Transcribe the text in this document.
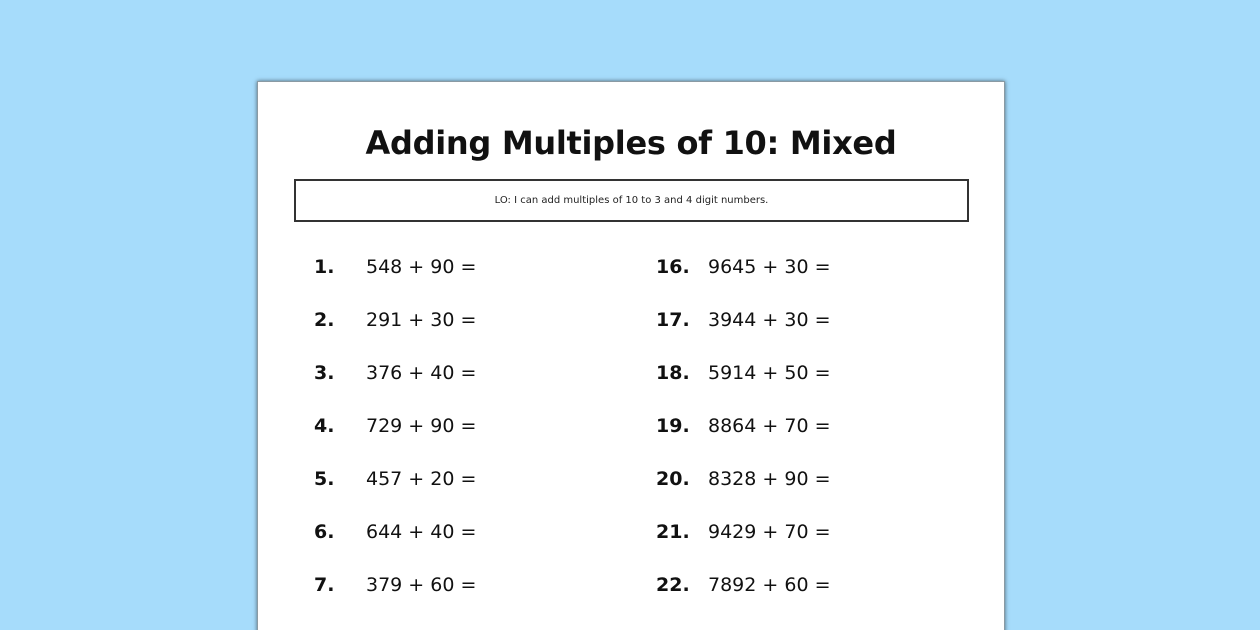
Adding Multiples of 10: Mixed
LO: I can add multiples of 10 to 3 and 4 digit numbers.
1.	548 + 90 =
2.	291 + 30 =
3.	376 + 40 =
4.	729 + 90 =
5.	457 + 20 =
6.	644 + 40 =
7.	379 + 60 =
16. 9645 + 30 =
17. 3944 + 30 =
18. 5914 + 50 =
19. 8864 + 70 =
20. 8328 + 90 =
21. 9429 + 70 =
22. 7892 + 60 =
